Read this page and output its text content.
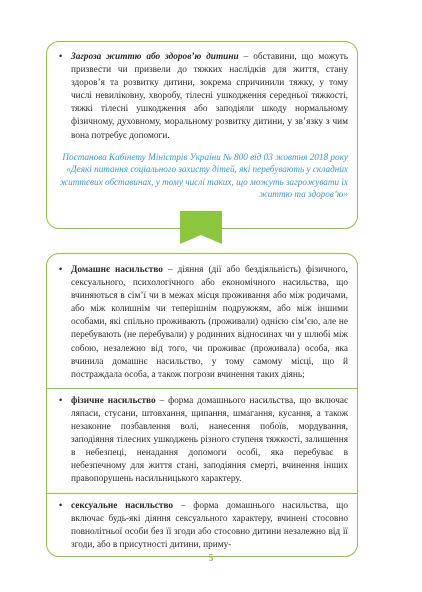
• Загроза життю або здоров’ю дитини – обставини, що можуть призвести чи призвели до тяжких наслідків для життя, стану здоров’я та розвитку дитини, зокрема спричинили тяжку, у тому числі невиліковну, хворобу, тілесні ушкодження середньої тяжкості, тяжкі тілесні ушкодження або заподіяли шкоду нормальному фізичному, духовному, моральному розвитку дитини, у зв’язку з чим вона потребує допомоги.

Постанова Кабінету Міністрів України № 800 від 03 жовтня 2018 року «Деякі питання соціального захисту дітей, які перебувають у складних життєвих обставинах, у тому числі таких, що можуть загрожувати їх життю та здоров’ю»

• Домашнє насильство – діяння (дії або бездіяльність) фізичного, сексуального, психологічного або економічного насильства, що вчиняються в сім’ї чи в межах місця проживання або між родичами, або між колишнім чи теперішнім подружжям, або між іншими особами, які спільно проживають (проживали) однією сім’єю, але не перебувають (не перебували) у родинних відносинах чи у шлюбі між собою, незалежно від того, чи проживає (проживала) особа, яка вчинила домашнє насильство, у тому самому місці, що й постраждала особа, а також погрози вчинення таких діянь;

• фізичне насильство – форма домашнього насильства, що включає ляпаси, стусани, штовхання, щипання, шмагання, кусання, а також незаконне позбавлення волі, нанесення побоїв, мордування, заподіяння тілесних ушкоджень різного ступеня тяжкості, залишення в небезпеці, ненадання допомоги особі, яка перебуває в небезпечному для життя стані, заподіяння смерті, вчинення інших правопорушень насильницького характеру.

• сексуальне насильство – форма домашнього насильства, що включає будь-які діяння сексуального характеру, вчинені стосовно повнолітньої особи без її згоди або стосовно дитини незалежно від її згоди, або в присутності дитини, приму-

5
